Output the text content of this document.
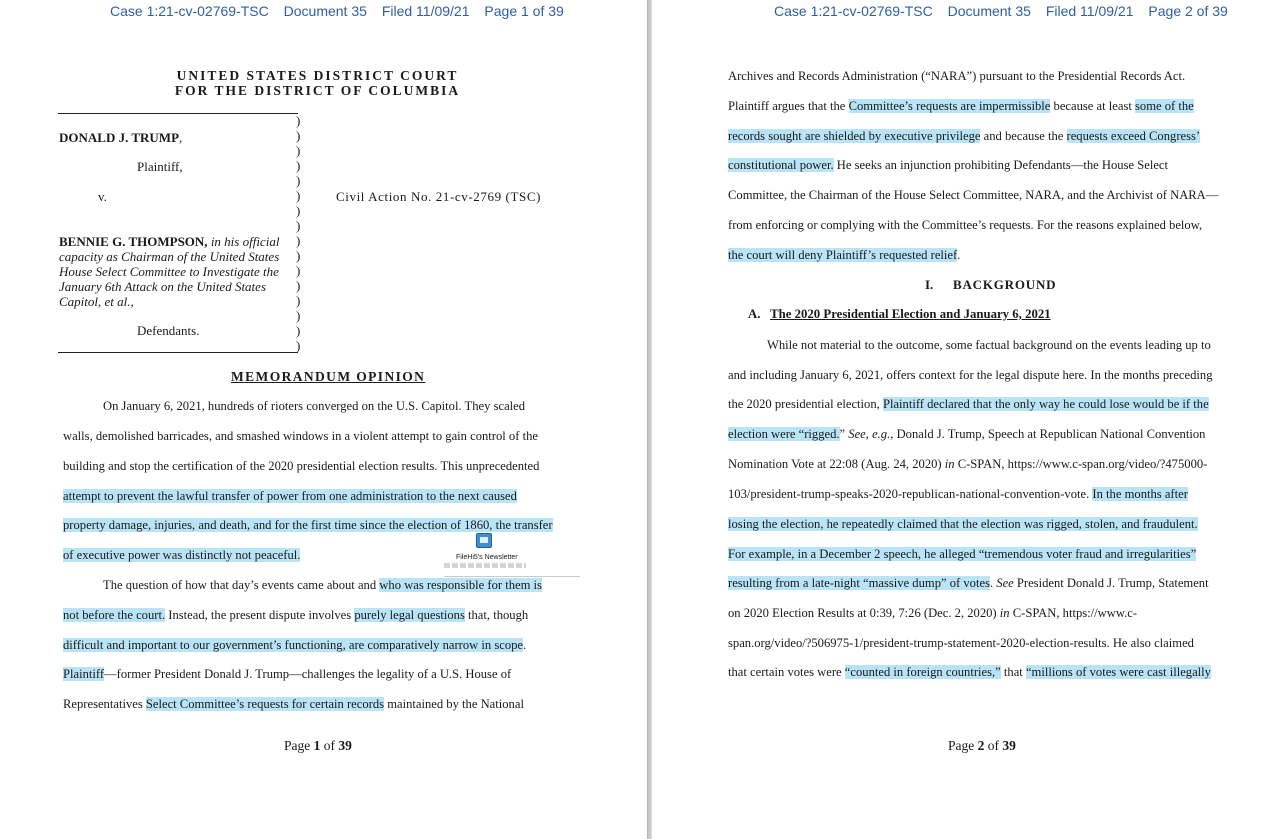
Case 1:21-cv-02769-TSC Document 35 Filed 11/09/21 Page 1 of 39
UNITED STATES DISTRICT COURT
FOR THE DISTRICT OF COLUMBIA
)
)
)
)
)
)
)
)
)
)
)
)
)
)
)
)
DONALD J. TRUMP,
Plaintiff,
v.	Civil Action No. 21-cv-2769 (TSC)
BENNIE G. THOMPSON, in his official
capacity as Chairman of the United States
House Select Committee to Investigate the
January 6th Attack on the United States
Capitol, et al.,
Defendants.
MEMORANDUM OPINION
On January 6, 2021, hundreds of rioters converged on the U.S. Capitol. They scaled
walls, demolished barricades, and smashed windows in a violent attempt to gain control of the
building and stop the certification of the 2020 presidential election results. This unprecedented
attempt to prevent the lawful transfer of power from one administration to the next caused
property damage, injuries, and death, and for the first time since the election of 1860, the transfer
of executive power was distinctly not peaceful.
The question of how that day’s events came about and who was responsible for them is
not before the court. Instead, the present dispute involves purely legal questions that, though
difficult and important to our government’s functioning, are comparatively narrow in scope.
Plaintiff—former President Donald J. Trump—challenges the legality of a U.S. House of
Representatives Select Committee’s requests for certain records maintained by the National
FileHi5's Newsletter
Page 1 of 39
Case 1:21-cv-02769-TSC Document 35 Filed 11/09/21 Page 2 of 39
Archives and Records Administration (“NARA”) pursuant to the Presidential Records Act.
Plaintiff argues that the Committee’s requests are impermissible because at least some of the
records sought are shielded by executive privilege and because the requests exceed Congress’
constitutional power. He seeks an injunction prohibiting Defendants—the House Select
Committee, the Chairman of the House Select Committee, NARA, and the Archivist of NARA—
from enforcing or complying with the Committee’s requests. For the reasons explained below,
the court will deny Plaintiff’s requested relief.
I. BACKGROUND
A. The 2020 Presidential Election and January 6, 2021
While not material to the outcome, some factual background on the events leading up to
and including January 6, 2021, offers context for the legal dispute here. In the months preceding
the 2020 presidential election, Plaintiff declared that the only way he could lose would be if the
election were “rigged.” See, e.g., Donald J. Trump, Speech at Republican National Convention
Nomination Vote at 22:08 (Aug. 24, 2020) in C-SPAN, https://www.c-span.org/video/?475000-
103/president-trump-speaks-2020-republican-national-convention-vote. In the months after
losing the election, he repeatedly claimed that the election was rigged, stolen, and fraudulent.
For example, in a December 2 speech, he alleged “tremendous voter fraud and irregularities”
resulting from a late-night “massive dump” of votes. See President Donald J. Trump, Statement
on 2020 Election Results at 0:39, 7:26 (Dec. 2, 2020) in C-SPAN, https://www.c-
span.org/video/?506975-1/president-trump-statement-2020-election-results. He also claimed
that certain votes were “counted in foreign countries,” that “millions of votes were cast illegally
Page 2 of 39
